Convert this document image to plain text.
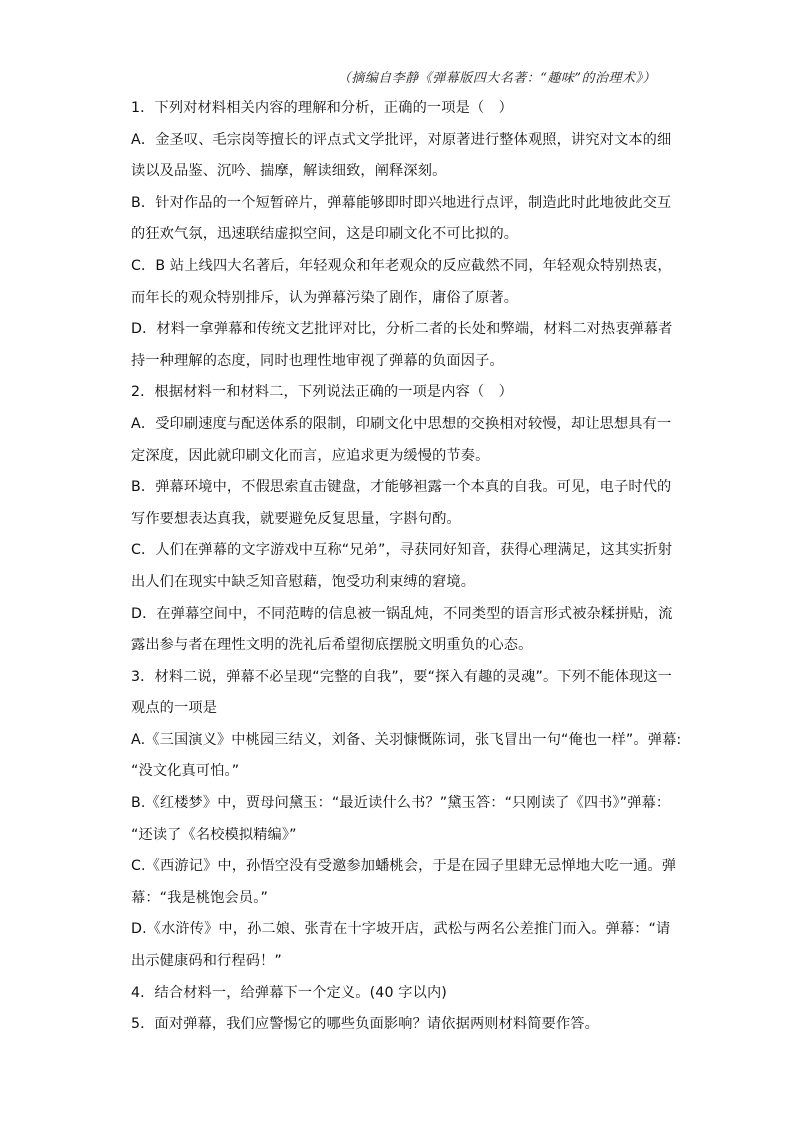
（摘编自李静《弹幕版四大名著：“趣味”的治理术》）
1．下列对材料相关内容的理解和分析，正确的一项是（　）
A．金圣叹、毛宗岗等擅长的评点式文学批评，对原著进行整体观照，讲究对文本的细
读以及品鉴、沉吟、揣摩，解读细致，阐释深刻。
B．针对作品的一个短暂碎片，弹幕能够即时即兴地进行点评，制造此时此地彼此交互
的狂欢气氛，迅速联结虚拟空间，这是印刷文化不可比拟的。
C．B 站上线四大名著后，年轻观众和年老观众的反应截然不同，年轻观众特别热衷，
而年长的观众特别排斥，认为弹幕污染了剧作，庸俗了原著。
D．材料一拿弹幕和传统文艺批评对比，分析二者的长处和弊端，材料二对热衷弹幕者
持一种理解的态度，同时也理性地审视了弹幕的负面因子。
2．根据材料一和材料二，下列说法正确的一项是内容（　）
A．受印刷速度与配送体系的限制，印刷文化中思想的交换相对较慢，却让思想具有一
定深度，因此就印刷文化而言，应追求更为缓慢的节奏。
B．弹幕环境中，不假思索直击键盘，才能够袒露一个本真的自我。可见，电子时代的
写作要想表达真我，就要避免反复思量，字斟句酌。
C．人们在弹幕的文字游戏中互称“兄弟”，寻获同好知音，获得心理满足，这其实折射
出人们在现实中缺乏知音慰藉，饱受功利束缚的窘境。
D．在弹幕空间中，不同范畴的信息被一锅乱炖，不同类型的语言形式被杂糅拼贴，流
露出参与者在理性文明的洗礼后希望彻底摆脱文明重负的心态。
3．材料二说，弹幕不必呈现“完整的自我”，要“探入有趣的灵魂”。下列不能体现这一
观点的一项是
A.《三国演义》中桃园三结义，刘备、关羽慷慨陈词，张飞冒出一句“俺也一样”。弹幕:
“没文化真可怕。”
B.《红楼梦》中，贾母问黛玉：“最近读什么书？”黛玉答：“只刚读了《四书》”弹幕：
“还读了《名校模拟精编》”
C.《西游记》中，孙悟空没有受邀参加蟠桃会，于是在园子里肆无忌惮地大吃一通。弹
幕：“我是桃饱会员。”
D.《水浒传》中，孙二娘、张青在十字坡开店，武松与两名公差推门而入。弹幕：“请
出示健康码和行程码！”
4．结合材料一，给弹幕下一个定义。(40 字以内)
5．面对弹幕，我们应警惕它的哪些负面影响？请依据两则材料简要作答。
